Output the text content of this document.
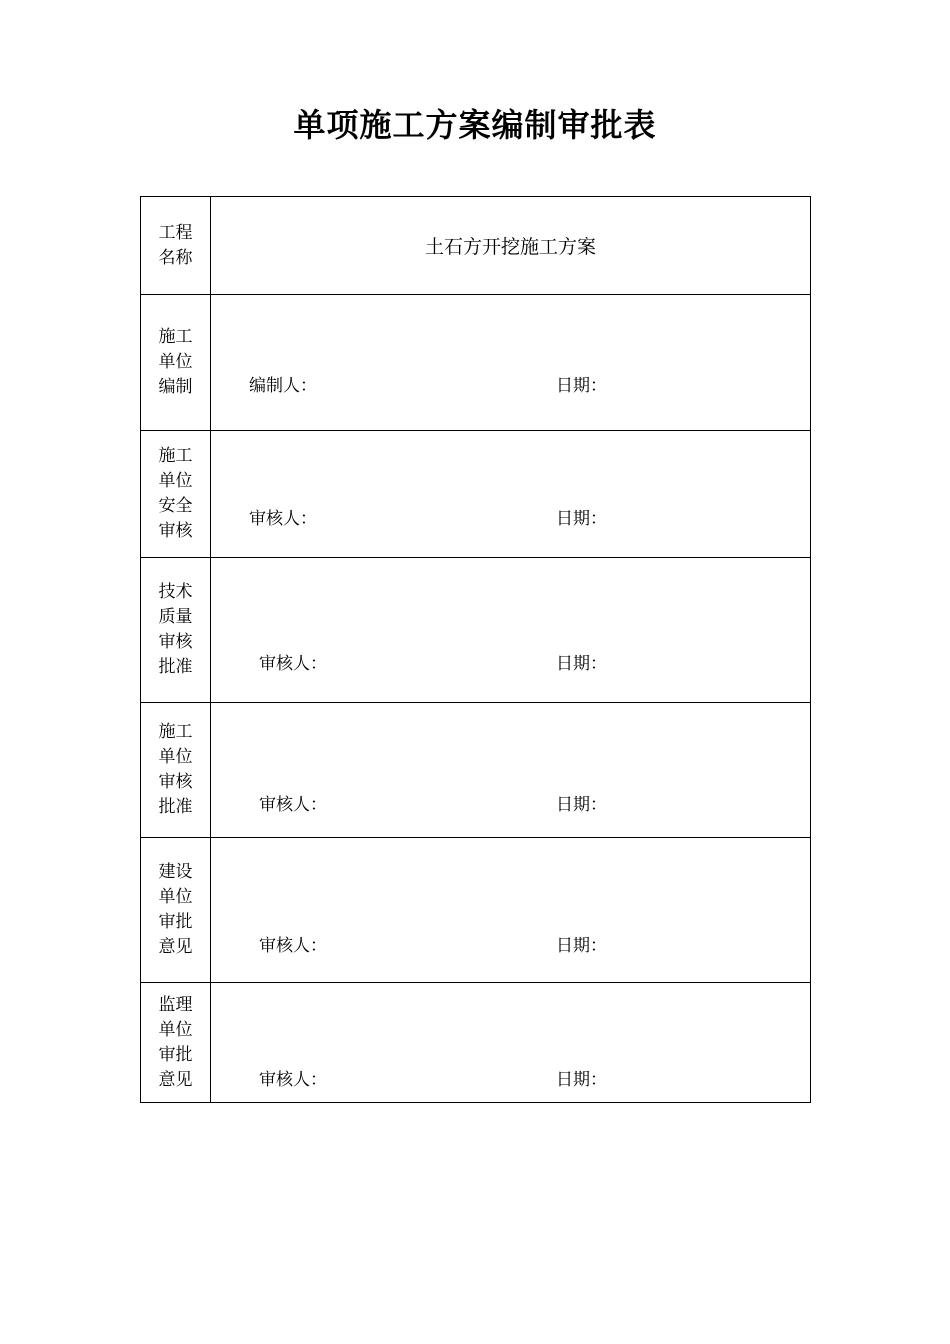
单项施工方案编制审批表
工程名称	土石方开挖施工方案

施工单位编制	编制人： 日期：

施工单位安全审核	审核人： 日期：

技术质量审核批准	审核人： 日期：

施工单位审核批准	审核人： 日期：

建设单位审批意见	审核人： 日期：

监理单位审批意见	审核人： 日期：
